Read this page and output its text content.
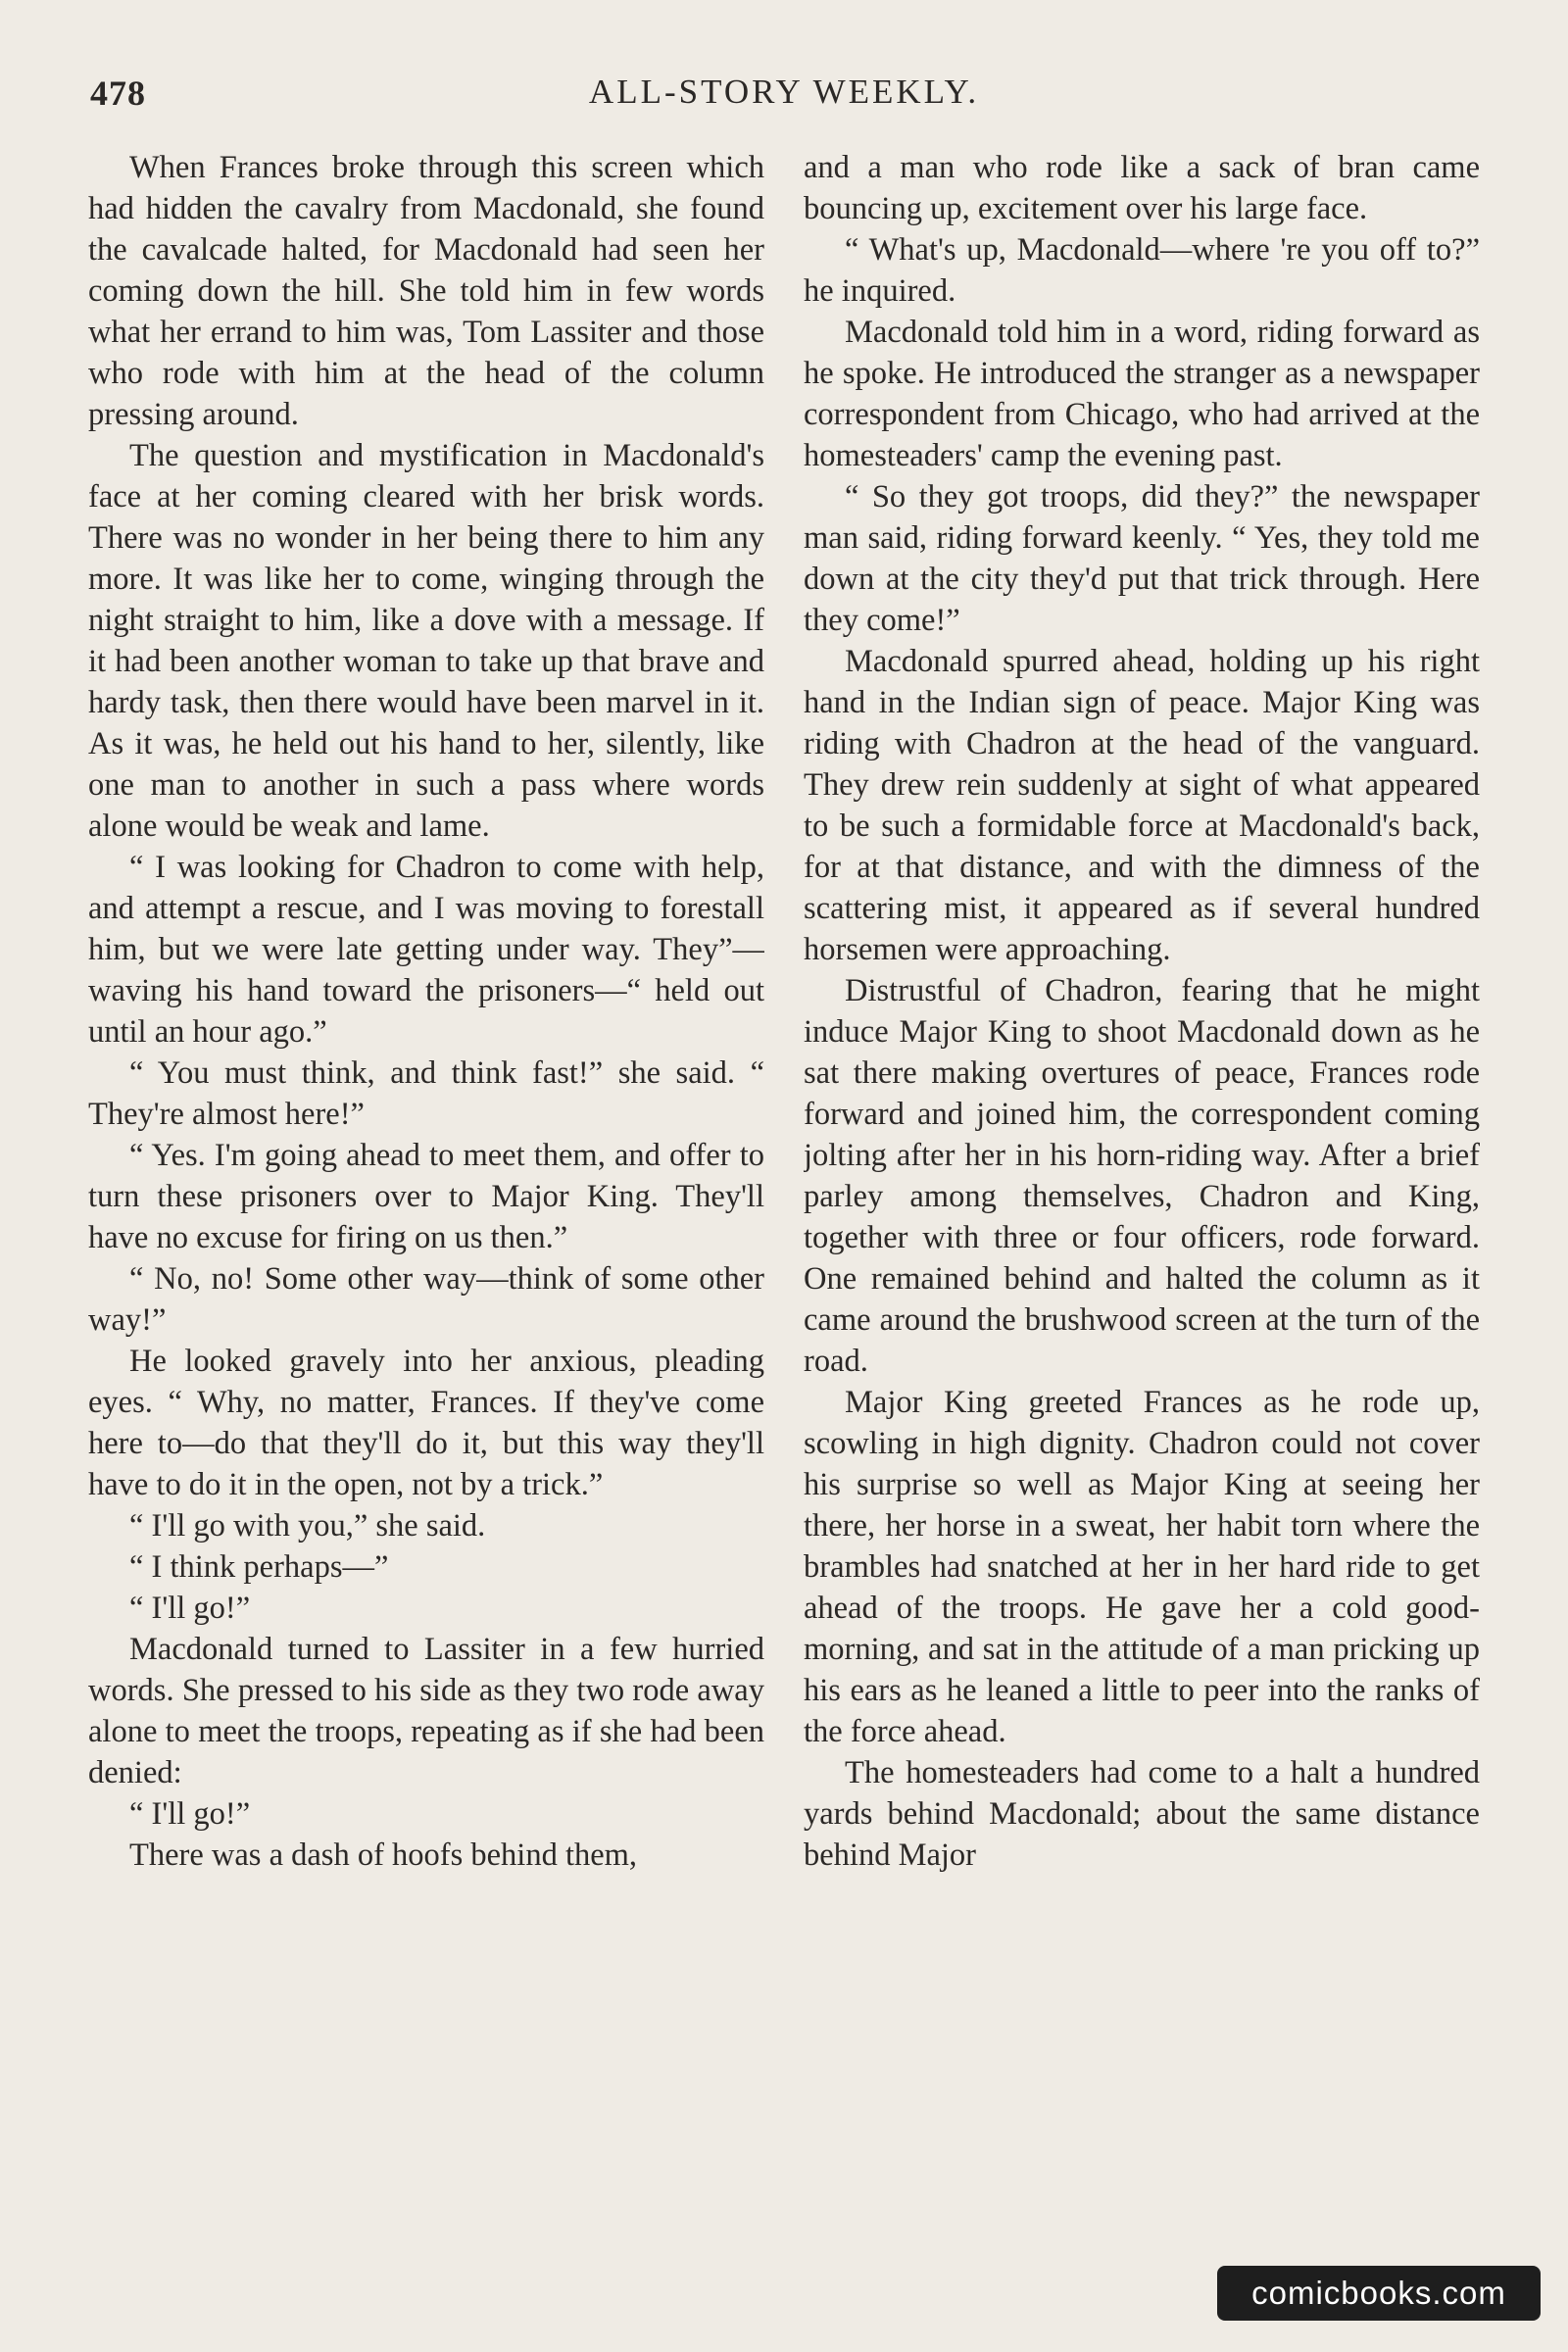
478	ALL-STORY WEEKLY.

When Frances broke through this screen which had hidden the cavalry from Macdonald, she found the cavalcade halted, for Macdonald had seen her coming down the hill. She told him in few words what her errand to him was, Tom Lassiter and those who rode with him at the head of the column pressing around.

The question and mystification in Macdonald's face at her coming cleared with her brisk words. There was no wonder in her being there to him any more. It was like her to come, winging through the night straight to him, like a dove with a message. If it had been another woman to take up that brave and hardy task, then there would have been marvel in it. As it was, he held out his hand to her, silently, like one man to another in such a pass where words alone would be weak and lame.

“ I was looking for Chadron to come with help, and attempt a rescue, and I was moving to forestall him, but we were late getting under way. They”—waving his hand toward the prisoners—“ held out until an hour ago.”

“ You must think, and think fast!” she said. “ They're almost here!”

“ Yes. I'm going ahead to meet them, and offer to turn these prisoners over to Major King. They'll have no excuse for firing on us then.”

“ No, no! Some other way—think of some other way!”

He looked gravely into her anxious, pleading eyes. “ Why, no matter, Frances. If they've come here to—do that they'll do it, but this way they'll have to do it in the open, not by a trick.”

“ I'll go with you,” she said.

“ I think perhaps—”

“ I'll go!”

Macdonald turned to Lassiter in a few hurried words. She pressed to his side as they two rode away alone to meet the troops, repeating as if she had been denied:

“ I'll go!”

There was a dash of hoofs behind them,

and a man who rode like a sack of bran came bouncing up, excitement over his large face.

“ What's up, Macdonald—where 're you off to?” he inquired.

Macdonald told him in a word, riding forward as he spoke. He introduced the stranger as a newspaper correspondent from Chicago, who had arrived at the homesteaders' camp the evening past.

“ So they got troops, did they?” the newspaper man said, riding forward keenly. “ Yes, they told me down at the city they'd put that trick through. Here they come!”

Macdonald spurred ahead, holding up his right hand in the Indian sign of peace. Major King was riding with Chadron at the head of the vanguard. They drew rein suddenly at sight of what appeared to be such a formidable force at Macdonald's back, for at that distance, and with the dimness of the scattering mist, it appeared as if several hundred horsemen were approaching.

Distrustful of Chadron, fearing that he might induce Major King to shoot Macdonald down as he sat there making overtures of peace, Frances rode forward and joined him, the correspondent coming jolting after her in his horn-riding way. After a brief parley among themselves, Chadron and King, together with three or four officers, rode forward. One remained behind and halted the column as it came around the brushwood screen at the turn of the road.

Major King greeted Frances as he rode up, scowling in high dignity. Chadron could not cover his surprise so well as Major King at seeing her there, her horse in a sweat, her habit torn where the brambles had snatched at her in her hard ride to get ahead of the troops. He gave her a cold good-morning, and sat in the attitude of a man pricking up his ears as he leaned a little to peer into the ranks of the force ahead.

The homesteaders had come to a halt a hundred yards behind Macdonald; about the same distance behind Major

comicbooks.com
